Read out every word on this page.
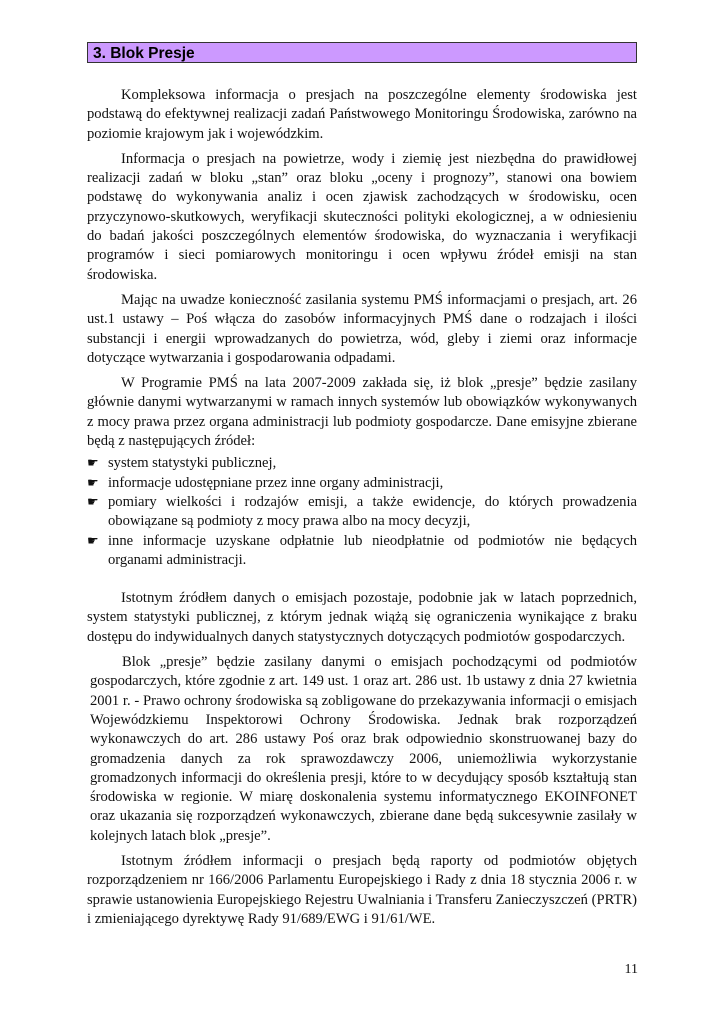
3. Blok Presje

Kompleksowa informacja o presjach na poszczególne elementy środowiska jest podstawą do efektywnej realizacji zadań Państwowego Monitoringu Środowiska, zarówno na poziomie krajowym jak i wojewódzkim.

Informacja o presjach na powietrze, wody i ziemię jest niezbędna do prawidłowej realizacji zadań w bloku „stan” oraz bloku „oceny i prognozy”, stanowi ona bowiem podstawę do wykonywania analiz i ocen zjawisk zachodzących w środowisku, ocen przyczynowo-skutkowych, weryfikacji skuteczności polityki ekologicznej, a w odniesieniu do badań jakości poszczególnych elementów środowiska, do wyznaczania i weryfikacji programów i sieci pomiarowych monitoringu i ocen wpływu źródeł emisji na stan środowiska.

Mając na uwadze konieczność zasilania systemu PMŚ informacjami o presjach, art. 26 ust.1 ustawy – Poś włącza do zasobów informacyjnych PMŚ dane o rodzajach i ilości substancji i energii wprowadzanych do powietrza, wód, gleby i ziemi oraz informacje dotyczące wytwarzania i gospodarowania odpadami.

W Programie PMŚ na lata 2007-2009 zakłada się, iż blok „presje” będzie zasilany głównie danymi wytwarzanymi w ramach innych systemów lub obowiązków wykonywanych z mocy prawa przez organa administracji lub podmioty gospodarcze. Dane emisyjne zbierane będą z następujących źródeł:

☛ system statystyki publicznej,
☛ informacje udostępniane przez inne organy administracji,
☛ pomiary wielkości i rodzajów emisji, a także ewidencje, do których prowadzenia obowiązane są podmioty z mocy prawa albo na mocy decyzji,
☛ inne informacje uzyskane odpłatnie lub nieodpłatnie od podmiotów nie będących organami administracji.

Istotnym źródłem danych o emisjach pozostaje, podobnie jak w latach poprzednich, system statystyki publicznej, z którym jednak wiążą się ograniczenia wynikające z braku dostępu do indywidualnych danych statystycznych dotyczących podmiotów gospodarczych.

Blok „presje” będzie zasilany danymi o emisjach pochodzącymi od podmiotów gospodarczych, które zgodnie z art. 149 ust. 1 oraz art. 286 ust. 1b ustawy z dnia 27 kwietnia 2001 r. - Prawo ochrony środowiska są zobligowane do przekazywania informacji o emisjach Wojewódzkiemu Inspektorowi Ochrony Środowiska. Jednak brak rozporządzeń wykonawczych do art. 286 ustawy Poś oraz brak odpowiednio skonstruowanej bazy do gromadzenia danych za rok sprawozdawczy 2006, uniemożliwia wykorzystanie gromadzonych informacji do określenia presji, które to w decydujący sposób kształtują stan środowiska w regionie. W miarę doskonalenia systemu informatycznego EKOINFONET oraz ukazania się rozporządzeń wykonawczych, zbierane dane będą sukcesywnie zasilały w kolejnych latach blok „presje”.

Istotnym źródłem informacji o presjach będą raporty od podmiotów objętych rozporządzeniem nr 166/2006 Parlamentu Europejskiego i Rady z dnia 18 stycznia 2006 r. w sprawie ustanowienia Europejskiego Rejestru Uwalniania i Transferu Zanieczyszczeń (PRTR) i zmieniającego dyrektywę Rady 91/689/EWG i 91/61/WE.

11
